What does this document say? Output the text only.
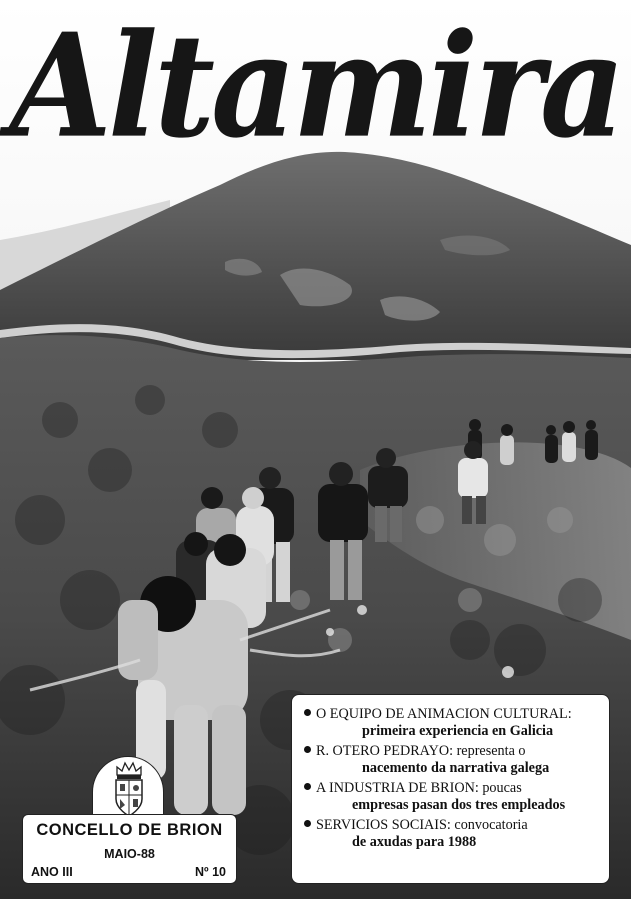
Altamira

O EQUIPO DE ANIMACION CULTURAL:
primeira experiencia en Galicia

R. OTERO PEDRAYO: representa o
nacemento da narrativa galega

A INDUSTRIA DE BRION: poucas
empresas pasan dos tres empleados

SERVICIOS SOCIAIS: convocatoria
de axudas para 1988

CONCELLO DE BRION
MAIO-88
ANO III	Nº 10
